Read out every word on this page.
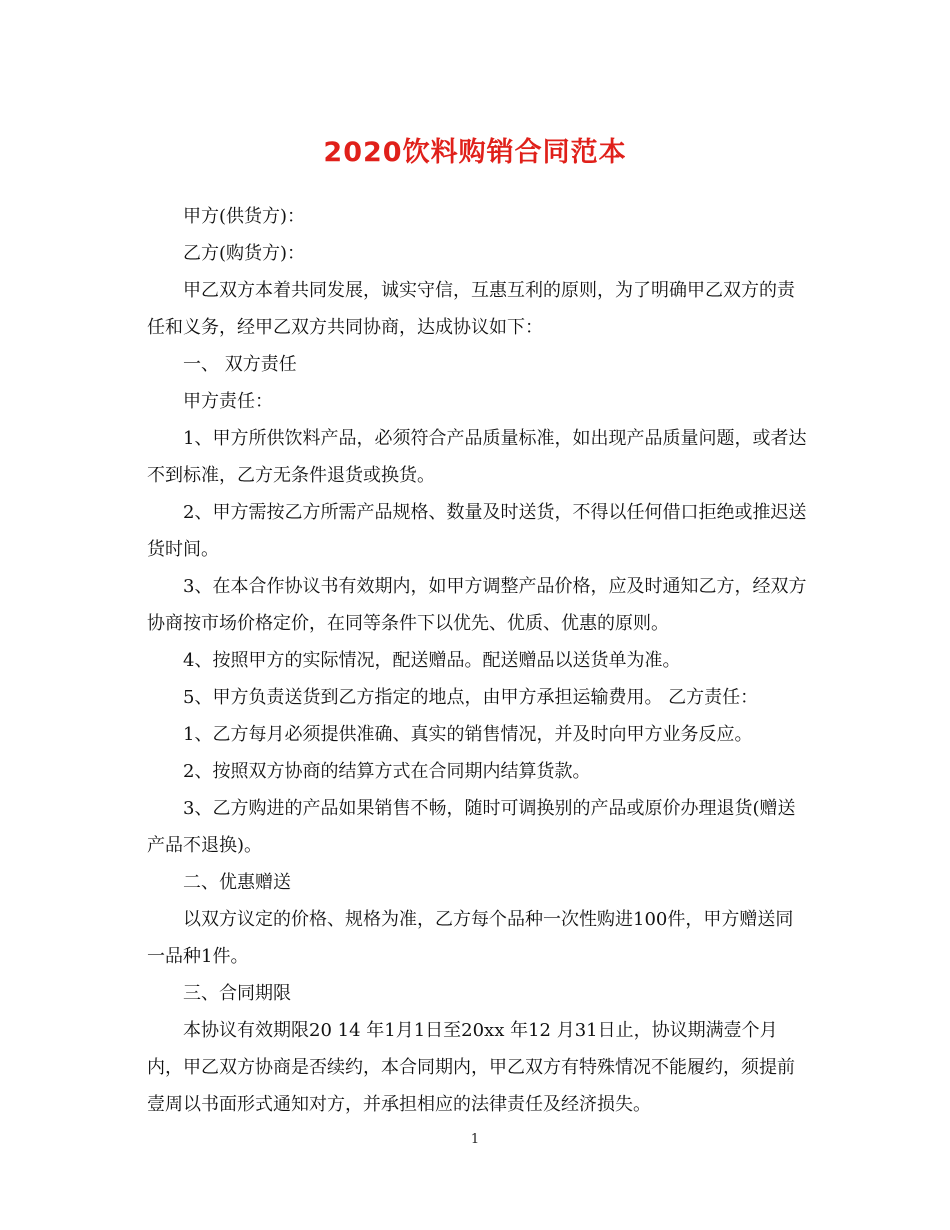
2020饮料购销合同范本

甲方(供货方)：

乙方(购货方)：

甲乙双方本着共同发展，诚实守信，互惠互利的原则，为了明确甲乙双方的责任和义务，经甲乙双方共同协商，达成协议如下：

一、 双方责任

甲方责任：

1、甲方所供饮料产品，必须符合产品质量标准，如出现产品质量问题，或者达不到标准，乙方无条件退货或换货。

2、甲方需按乙方所需产品规格、数量及时送货，不得以任何借口拒绝或推迟送货时间。

3、在本合作协议书有效期内，如甲方调整产品价格，应及时通知乙方，经双方协商按市场价格定价，在同等条件下以优先、优质、优惠的原则。

4、按照甲方的实际情况，配送赠品。配送赠品以送货单为准。

5、甲方负责送货到乙方指定的地点，由甲方承担运输费用。 乙方责任：

1、乙方每月必须提供准确、真实的销售情况，并及时向甲方业务反应。

2、按照双方协商的结算方式在合同期内结算货款。

3、乙方购进的产品如果销售不畅，随时可调换别的产品或原价办理退货(赠送产品不退换)。

二、优惠赠送

以双方议定的价格、规格为准，乙方每个品种一次性购进100件，甲方赠送同一品种1件。

三、合同期限

本协议有效期限20 14 年1月1日至20xx 年12 月31日止，协议期满壹个月内，甲乙双方协商是否续约，本合同期内，甲乙双方有特殊情况不能履约，须提前壹周以书面形式通知对方，并承担相应的法律责任及经济损失。

1
